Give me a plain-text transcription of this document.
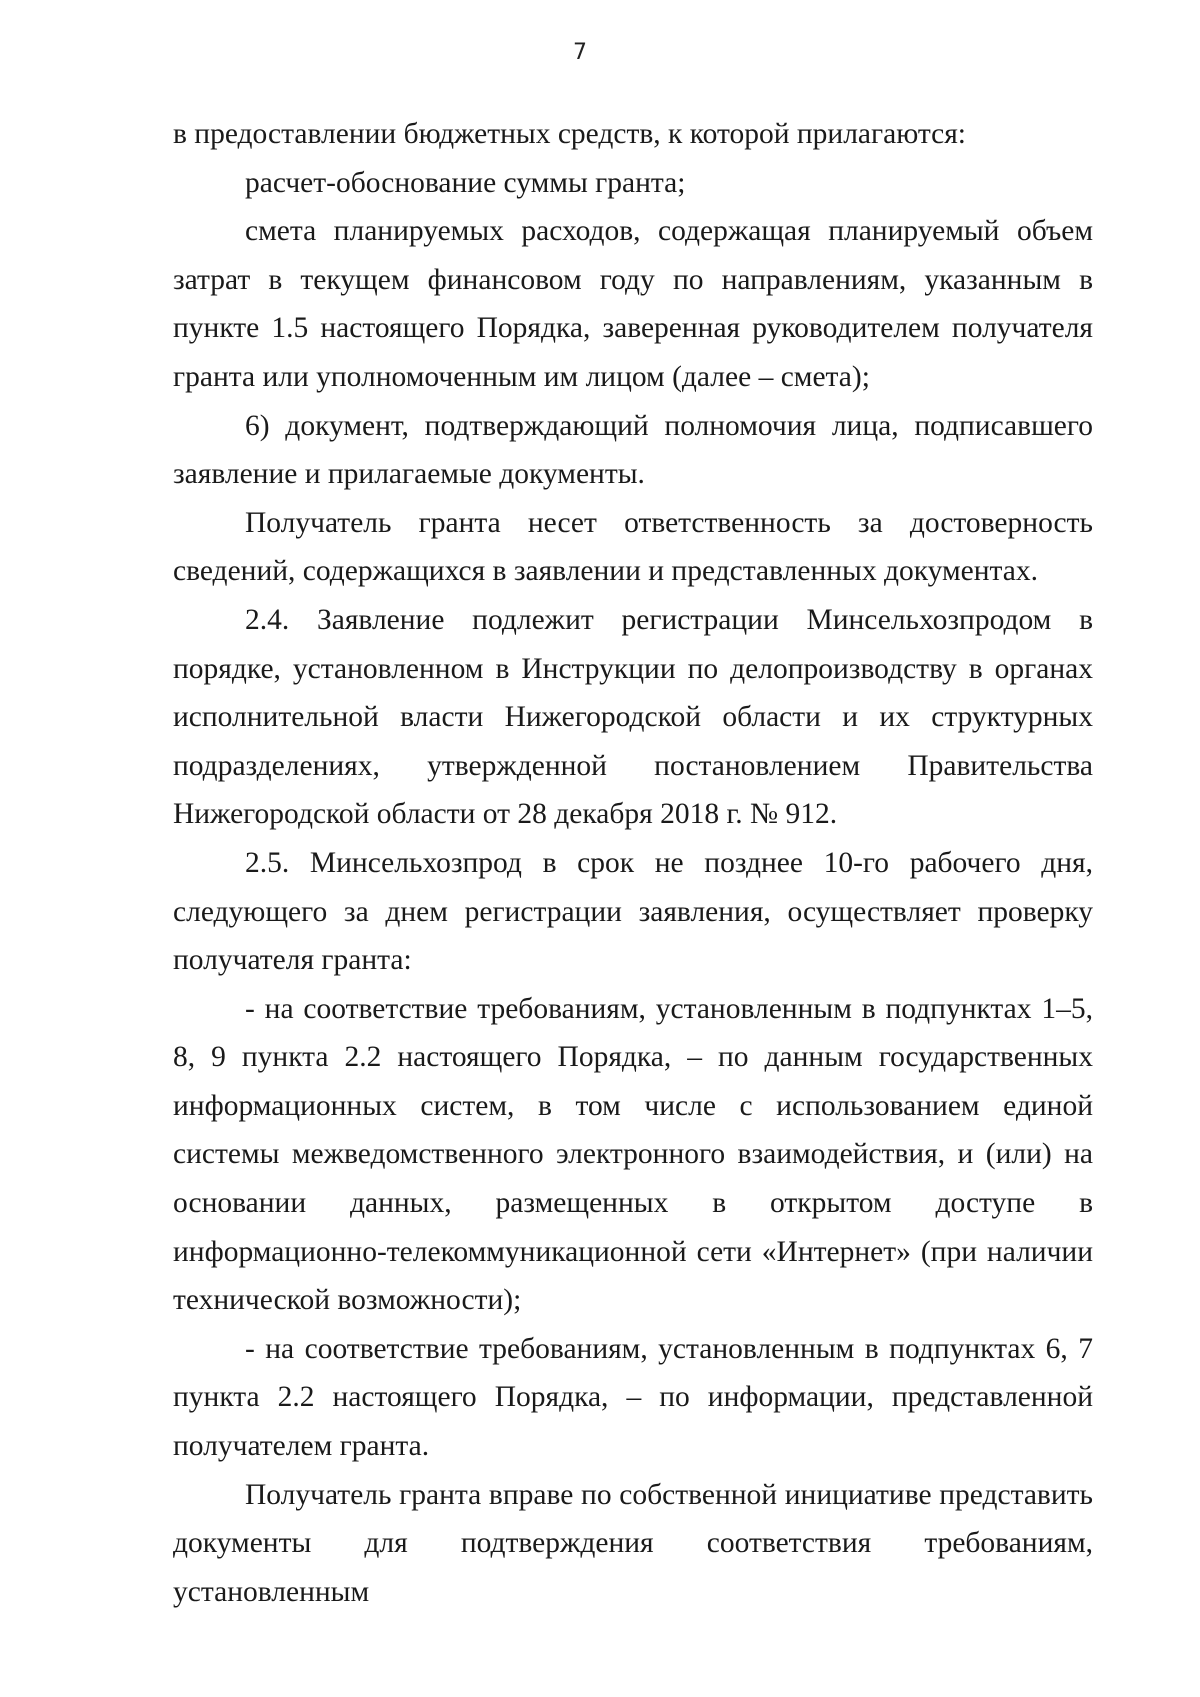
7

в предоставлении бюджетных средств, к которой прилагаются:

расчет-обоснование суммы гранта;

смета планируемых расходов, содержащая планируемый объем затрат в текущем финансовом году по направлениям, указанным в пункте 1.5 настоящего Порядка, заверенная руководителем получателя гранта или уполномоченным им лицом (далее – смета);

6) документ, подтверждающий полномочия лица, подписавшего заявление и прилагаемые документы.

Получатель гранта несет ответственность за достоверность сведений, содержащихся в заявлении и представленных документах.

2.4. Заявление подлежит регистрации Минсельхозпродом в порядке, установленном в Инструкции по делопроизводству в органах исполнительной власти Нижегородской области и их структурных подразделениях, утвержденной постановлением Правительства Нижегородской области от 28 декабря 2018 г. № 912.

2.5. Минсельхозпрод в срок не позднее 10-го рабочего дня, следующего за днем регистрации заявления, осуществляет проверку получателя гранта:

- на соответствие требованиям, установленным в подпунктах 1–5, 8, 9 пункта 2.2 настоящего Порядка, – по данным государственных информационных систем, в том числе с использованием единой системы межведомственного электронного взаимодействия, и (или) на основании данных, размещенных в открытом доступе в информационно-телекоммуникационной сети «Интернет» (при наличии технической возможности);

- на соответствие требованиям, установленным в подпунктах 6, 7 пункта 2.2 настоящего Порядка, – по информации, представленной получателем гранта.

Получатель гранта вправе по собственной инициативе представить документы для подтверждения соответствия требованиям, установленным
